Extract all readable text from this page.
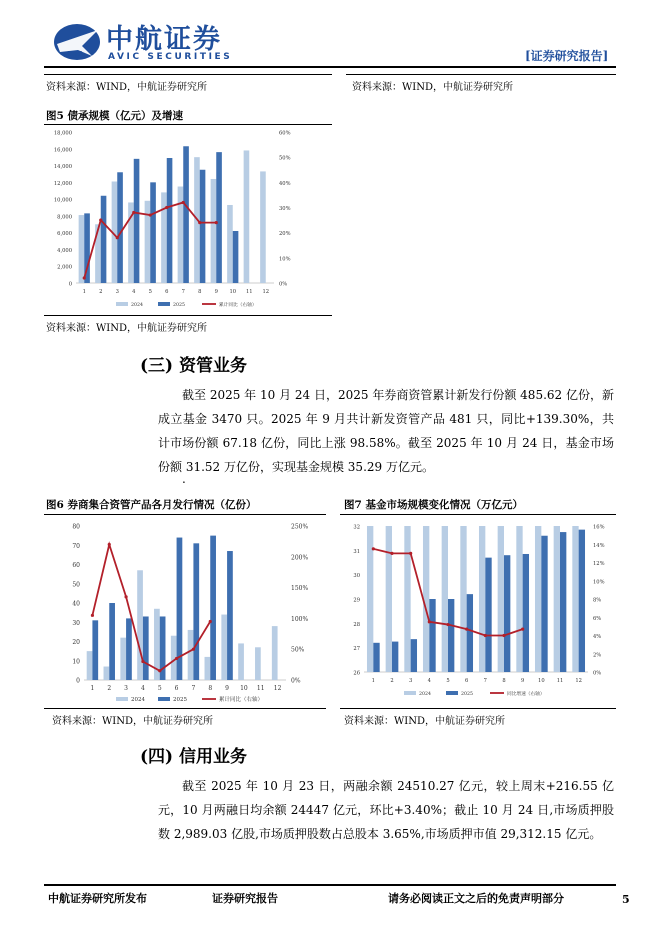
AVIC 中航证券
AVIC SECURITIES	[证券研究报告]
资料来源：WIND，中航证券研究所	资料来源：WIND，中航证券研究所
图5 债承规模（亿元）及增速
0
2,000
4,000
6,000
8,000
10,000
12,000
14,000
16,000
18,000
0%
10%
20%
30%
40%
50%
60%
1	2	3	4	5	6	7	8	9 10 11 12
2024	2025	累计同比（右轴）
资料来源：WIND，中航证券研究所
(三) 资管业务
截至 2025 年 10 月 24 日，2025 年券商资管累计新发行份额 485.62 亿份，新成立基金 3470 只。2025 年 9 月共计新发资管产品 481 只，同比+139.30%，共计市场份额 67.18 亿份，同比上涨 98.58%。截至 2025 年 10 月 24 日，基金市场份额 31.52 万亿份，实现基金规模 35.29 万亿元。
.
图6 券商集合资管产品各月发行情况（亿份）
0
10
20
30
40
50
60
70
80
0%
50%
100%
150%
200%
250%
1 2 3 4 5 6 7 8 9 10 11 12
2024	2025	累计同比（右轴）
资料来源：WIND，中航证券研究所
图7 基金市场规模变化情况（万亿元）
26
27
28
29
30
31
32
0%
2%
4%
6%
8%
10%
12%
14%
16%
1	2	3	4	5	6	7	8	9	10 11 12
2024	2025	同比增速（右轴）
资料来源：WIND，中航证券研究所
(四) 信用业务
截至 2025 年 10 月 23 日，两融余额 24510.27 亿元，较上周末+216.55 亿元，10 月两融日均余额 24447 亿元，环比+3.40%；截止 10 月 24 日,市场质押股数 2,989.03 亿股,市场质押股数占总股本 3.65%,市场质押市值 29,312.15 亿元。
中航证券研究所发布	证券研究报告	请务必阅读正文之后的免责声明部分	5
